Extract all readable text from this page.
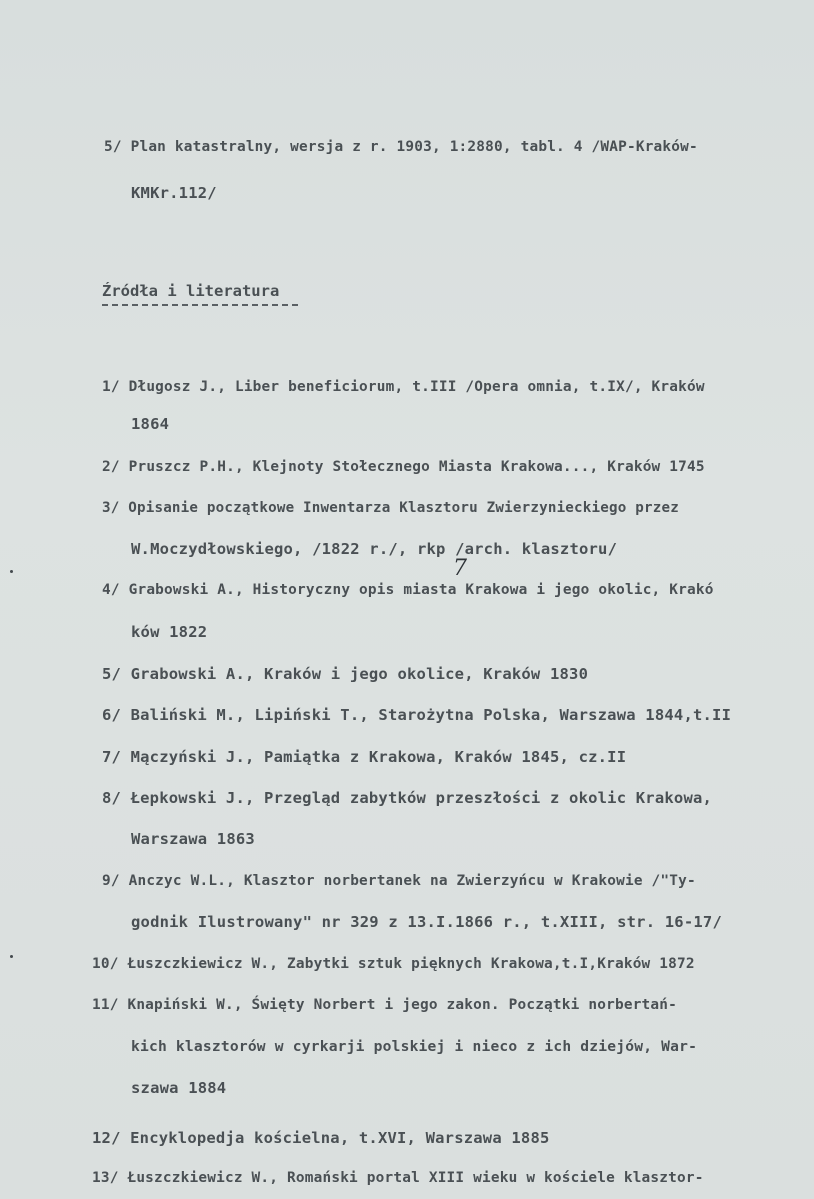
5/ Plan katastralny, wersja z r. 1903, 1:2880, tabl. 4 /WAP-Kraków-
KMKr.112/
Źródła i literatura
1/ Długosz J., Liber beneficiorum, t.III /Opera omnia, t.IX/, Kraków
1864
2/ Pruszcz P.H., Klejnoty Stołecznego Miasta Krakowa..., Kraków 1745
3/ Opisanie początkowe Inwentarza Klasztoru Zwierzynieckiego przez
W.Moczydłowskiego, /1822 r./, rkp /arch. klasztoru/
4/ Grabowski A., Historyczny opis miasta Krakowa i jego okolic, Krakó
ków 1822
5/ Grabowski A., Kraków i jego okolice, Kraków 1830
6/ Baliński M., Lipiński T., Starożytna Polska, Warszawa 1844,t.II
7/ Mączyński J., Pamiątka z Krakowa, Kraków 1845, cz.II
8/ Łepkowski J., Przegląd zabytków przeszłości z okolic Krakowa,
Warszawa 1863
9/ Anczyc W.L., Klasztor norbertanek na Zwierzyńcu w Krakowie /"Ty-
godnik Ilustrowany" nr 329 z 13.I.1866 r., t.XIII, str. 16-17/
10/ Łuszczkiewicz W., Zabytki sztuk pięknych Krakowa,t.I,Kraków 1872
11/ Knapiński W., Święty Norbert i jego zakon. Początki norbertań-
kich klasztorów w cyrkarji polskiej i nieco z ich dziejów, War-
szawa 1884
12/ Encyklopedja kościelna, t.XVI, Warszawa 1885
13/ Łuszczkiewicz W., Romański portal XIII wieku w kościele klasztor-
7
